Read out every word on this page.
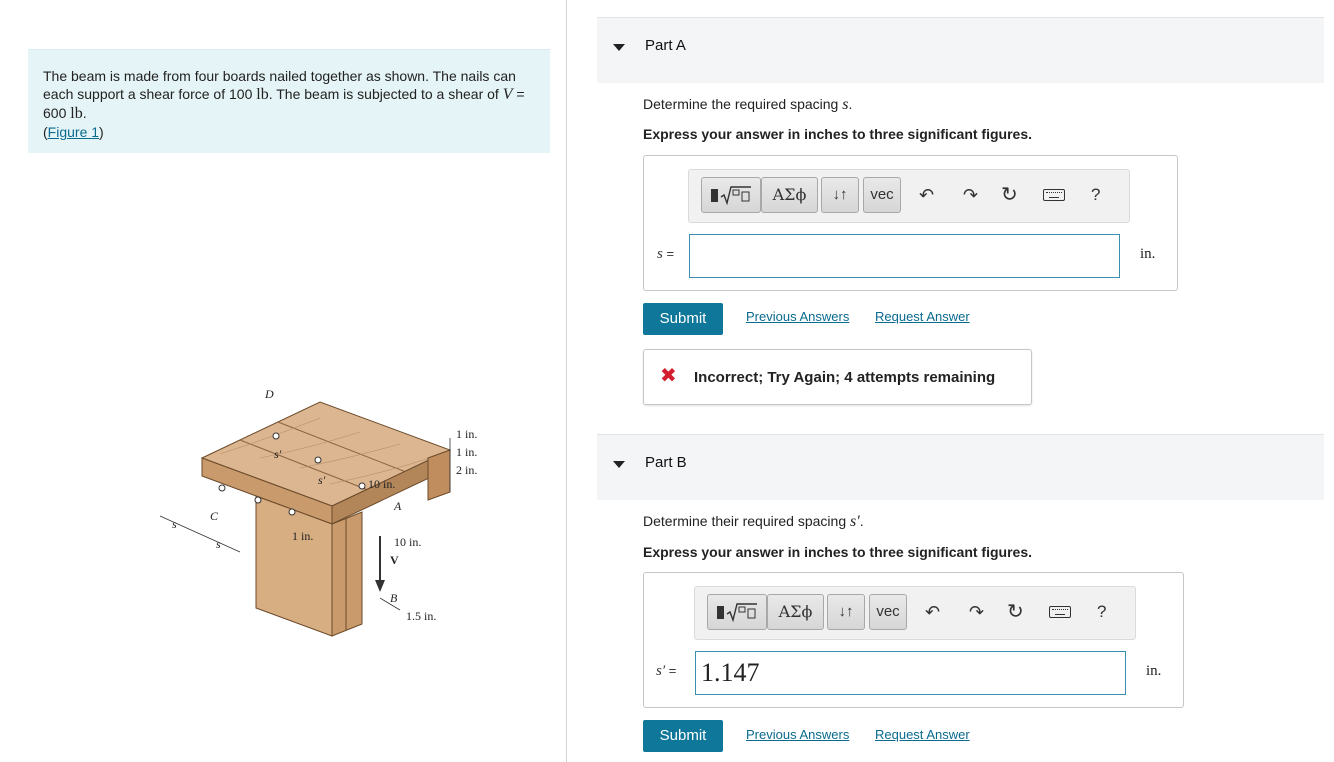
The beam is made from four boards nailed together as shown. The nails can each support a shear force of 100 lb. The beam is subjected to a shear of V = 600 lb.
(Figure 1)
D
C
A
B
V
s
s
s′
s′
1 in.
1 in.
2 in.
10 in.
1 in.	10 in.
1.5 in.
Part A
Determine the required spacing s.
Express your answer in inches to three significant figures.
ΑΣϕ	↓↑	vec	↶ ↷ ↻	?
s =	in.
Submit	Previous Answers Request Answer
✖ Incorrect; Try Again; 4 attempts remaining
Part B
Determine their required spacing s′.
Express your answer in inches to three significant figures.
ΑΣϕ	↓↑	vec	↶ ↷ ↻	?
s′ = 1.147	in.
Submit	Previous Answers Request Answer
